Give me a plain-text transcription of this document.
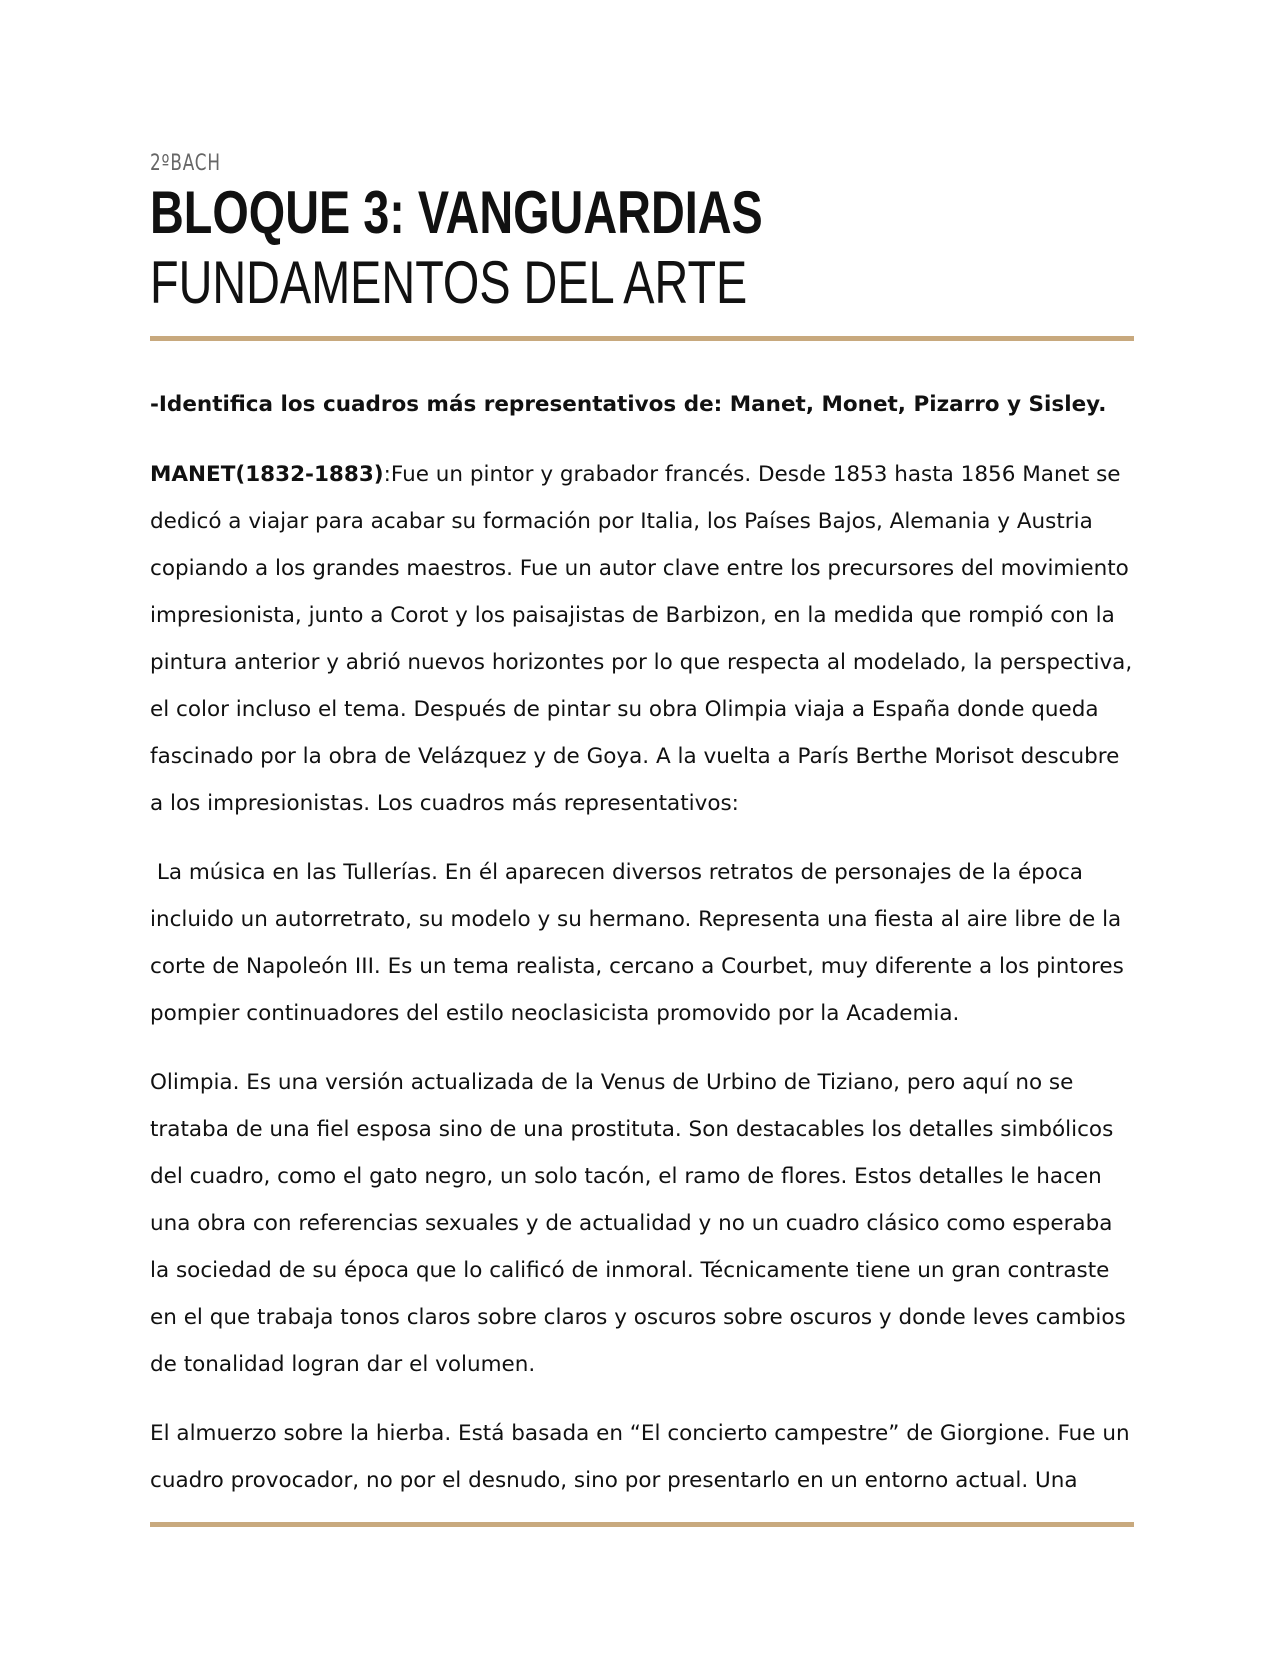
2ºBACH

BLOQUE 3: VANGUARDIAS
FUNDAMENTOS DEL ARTE

-Identifica los cuadros más representativos de: Manet, Monet, Pizarro y Sisley.

MANET(1832-1883):Fue un pintor y grabador francés. Desde 1853 hasta 1856 Manet se dedicó a viajar para acabar su formación por Italia, los Países Bajos, Alemania y Austria copiando a los grandes maestros. Fue un autor clave entre los precursores del movimiento impresionista, junto a Corot y los paisajistas de Barbizon, en la medida que rompió con la pintura anterior y abrió nuevos horizontes por lo que respecta al modelado, la perspectiva, el color incluso el tema. Después de pintar su obra Olimpia viaja a España donde queda fascinado por la obra de Velázquez y de Goya. A la vuelta a París Berthe Morisot descubre a los impresionistas. Los cuadros más representativos:

La música en las Tullerías. En él aparecen diversos retratos de personajes de la época incluido un autorretrato, su modelo y su hermano. Representa una fiesta al aire libre de la corte de Napoleón III. Es un tema realista, cercano a Courbet, muy diferente a los pintores pompier continuadores del estilo neoclasicista promovido por la Academia.

Olimpia. Es una versión actualizada de la Venus de Urbino de Tiziano, pero aquí no se trataba de una fiel esposa sino de una prostituta. Son destacables los detalles simbólicos del cuadro, como el gato negro, un solo tacón, el ramo de flores. Estos detalles le hacen una obra con referencias sexuales y de actualidad y no un cuadro clásico como esperaba la sociedad de su época que lo calificó de inmoral. Técnicamente tiene un gran contraste en el que trabaja tonos claros sobre claros y oscuros sobre oscuros y donde leves cambios de tonalidad logran dar el volumen.

El almuerzo sobre la hierba. Está basada en “El concierto campestre” de Giorgione. Fue un cuadro provocador, no por el desnudo, sino por presentarlo en un entorno actual. Una
